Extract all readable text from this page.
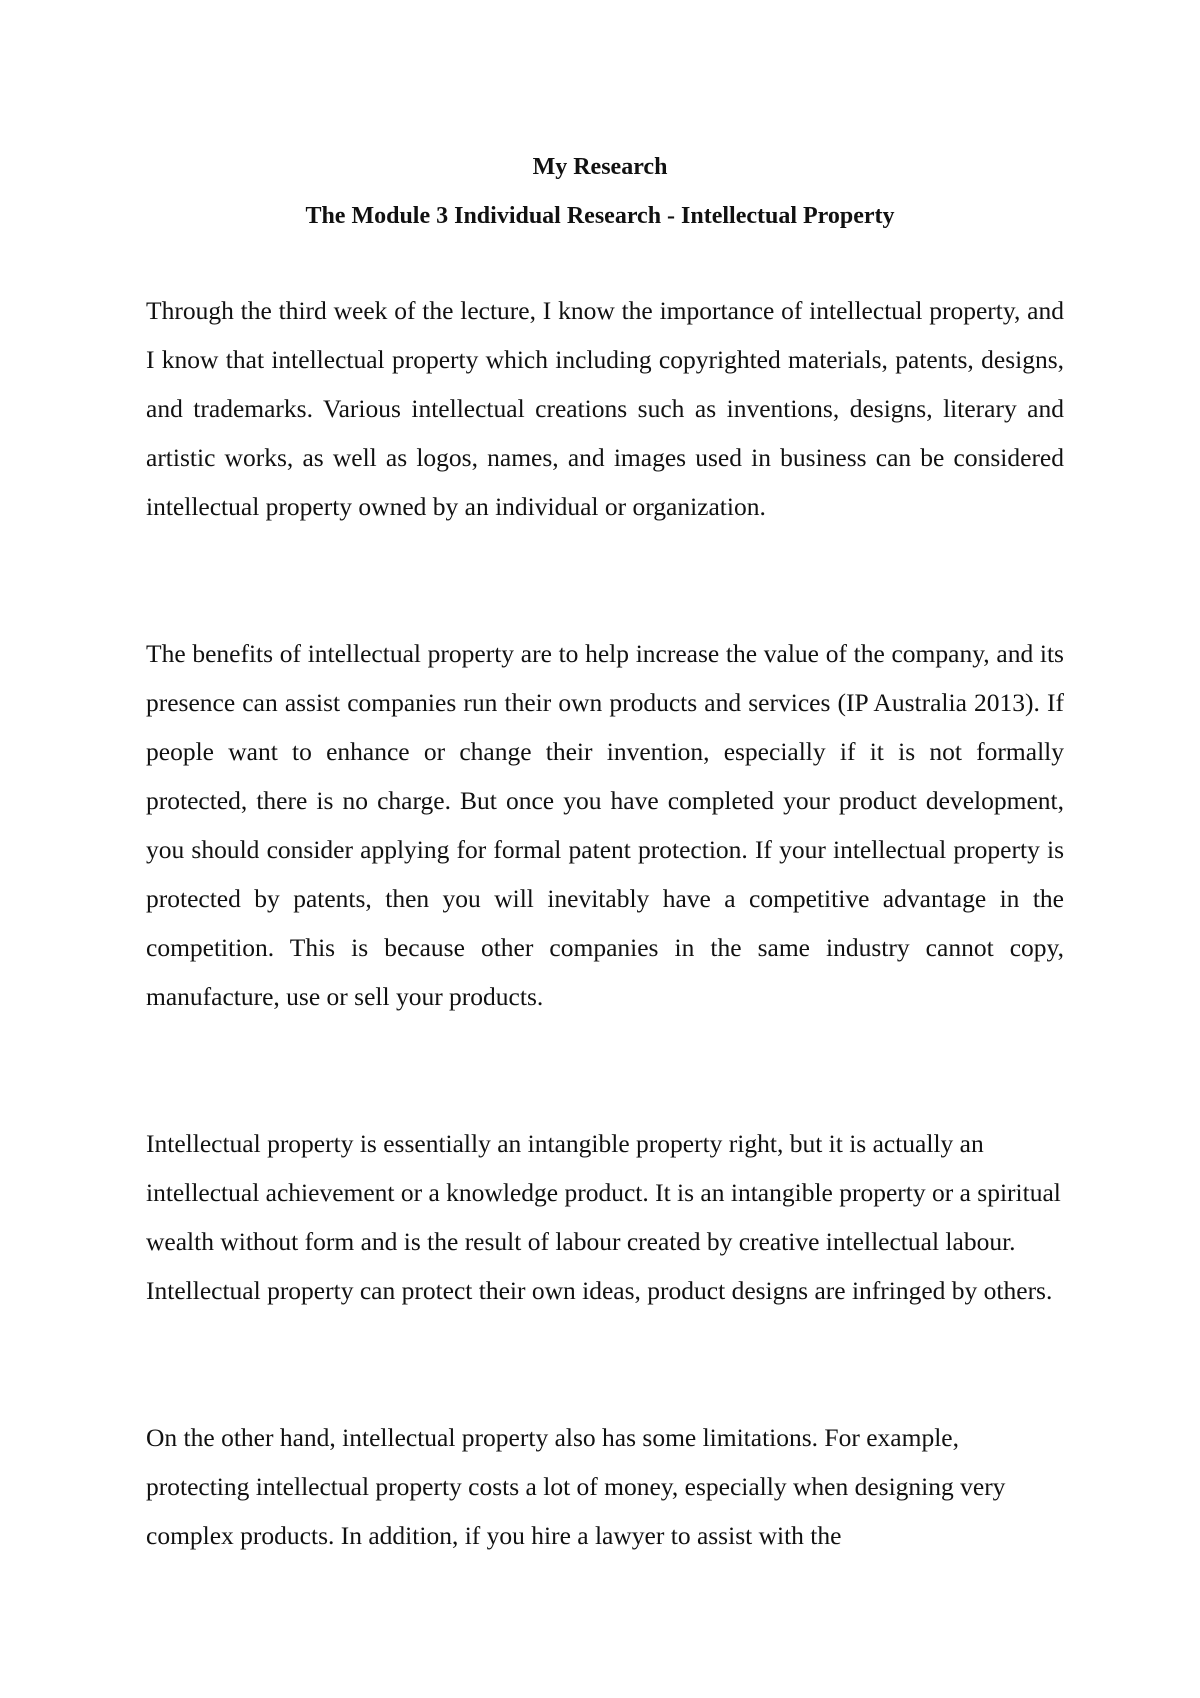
My Research
The Module 3 Individual Research - Intellectual Property

Through the third week of the lecture, I know the importance of intellectual property, and I know that intellectual property which including copyrighted materials, patents, designs, and trademarks. Various intellectual creations such as inventions, designs, literary and artistic works, as well as logos, names, and images used in business can be considered intellectual property owned by an individual or organization.

The benefits of intellectual property are to help increase the value of the company, and its presence can assist companies run their own products and services (IP Australia 2013). If people want to enhance or change their invention, especially if it is not formally protected, there is no charge. But once you have completed your product development, you should consider applying for formal patent protection. If your intellectual property is protected by patents, then you will inevitably have a competitive advantage in the competition. This is because other companies in the same industry cannot copy, manufacture, use or sell your products.

Intellectual property is essentially an intangible property right, but it is actually an intellectual achievement or a knowledge product. It is an intangible property or a spiritual wealth without form and is the result of labour created by creative intellectual labour. Intellectual property can protect their own ideas, product designs are infringed by others.

On the other hand, intellectual property also has some limitations. For example, protecting intellectual property costs a lot of money, especially when designing very complex products. In addition, if you hire a lawyer to assist with the
